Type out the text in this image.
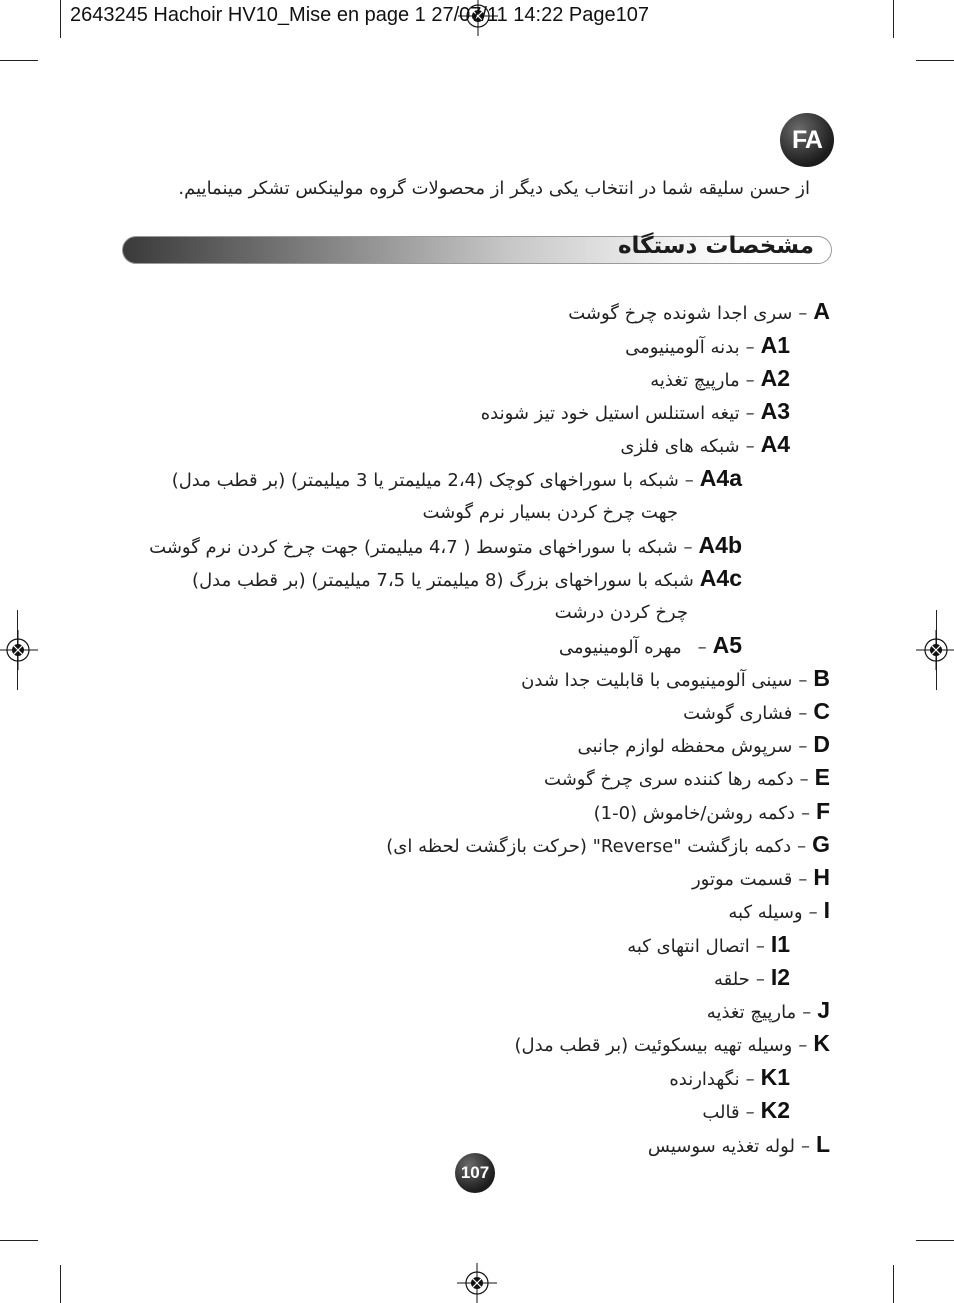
2643245 Hachoir HV10_Mise en page 1 27/07/11 14:22 Page107
FA
از حسن سلیقه شما در انتخاب یکی دیگر از محصولات گروه مولینکس تشکر مینماییم.
مشخصات دستگاه
A–سری اجدا شونده چرخ گوشت
A1–بدنه آلومینیومی
A2–مارپیچ تغذیه
A3–تیغه استنلس استیل خود تیز شونده
A4–شبکه های فلزی
A4a–شبکه با سوراخهای کوچک (2،4 میلیمتر یا 3 میلیمتر) (بر قطب مدل)
جهت چرخ کردن بسیار نرم گوشت
A4b–شبکه با سوراخهای متوسط ( 4،7 میلیمتر) جهت چرخ کردن نرم گوشت
A4cشبکه با سوراخهای بزرگ (8 میلیمتر یا 7،5 میلیمتر) (بر قطب مدل)
چرخ کردن درشت
A5–مهره آلومینیومی
B–سینی آلومینیومی با قابلیت جدا شدن
C–فشاری گوشت
D–سرپوش محفظه لوازم جانبی
E–دکمه رها کننده سری چرخ گوشت
F–دکمه روشن/خاموش (0-1)
G–دکمه بازگشت "Reverse" (حرکت بازگشت لحظه ای)
H–قسمت موتور
I–وسیله کبه
I1–اتصال انتهای کبه
I2–حلقه
J–مارپیچ تغذیه
K–وسیله تهیه بیسکوئیت (بر قطب مدل)
K1–نگهدارنده
K2–قالب
L–لوله تغذیه سوسیس
107
